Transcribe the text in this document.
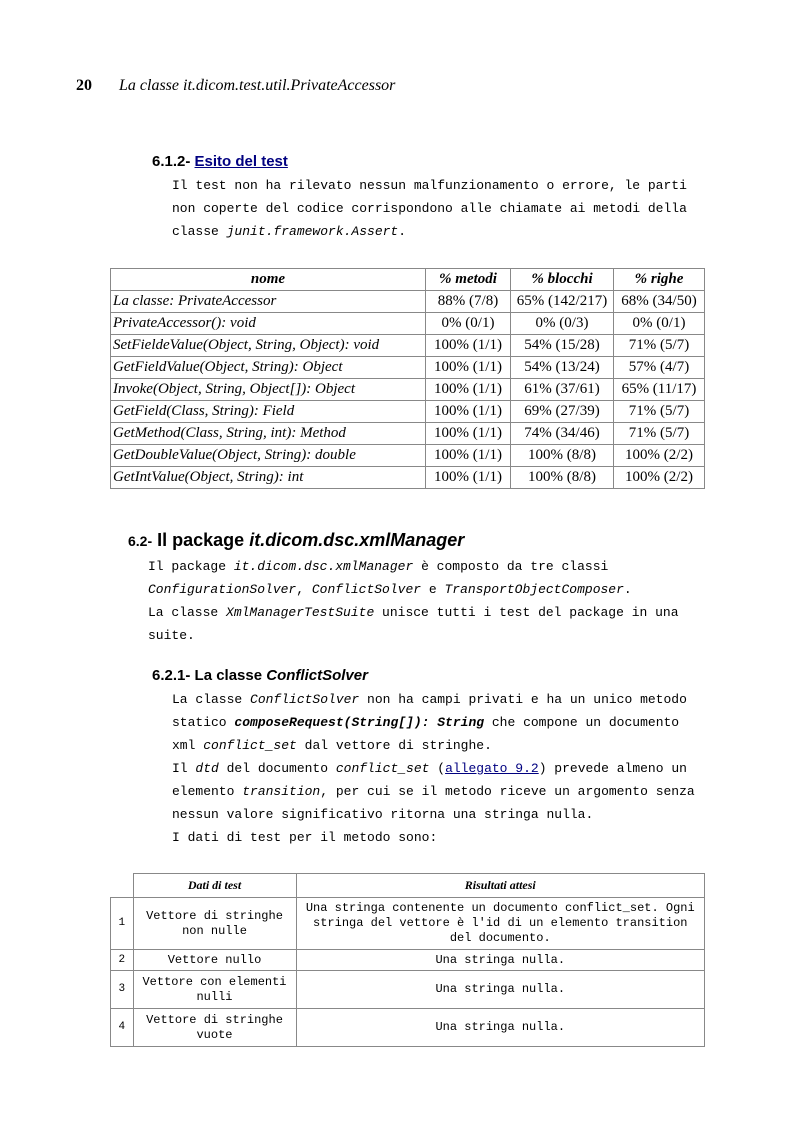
20 La classe it.dicom.test.util.PrivateAccessor
6.1.2- Esito del test
Il test non ha rilevato nessun malfunzionamento o errore, le parti
non coperte del codice corrispondono alle chiamate ai metodi della
classe junit.framework.Assert.
nome	% metodi	% blocchi	% righe
La classe: PrivateAccessor	88% (7/8)	65% (142/217)	68% (34/50)
PrivateAccessor(): void	0% (0/1)	0% (0/3)	0% (0/1)
SetFieldeValue(Object, String, Object): void	100% (1/1)	54% (15/28)	71% (5/7)
GetFieldValue(Object, String): Object	100% (1/1)	54% (13/24)	57% (4/7)
Invoke(Object, String, Object[]): Object	100% (1/1)	61% (37/61)	65% (11/17)
GetField(Class, String): Field	100% (1/1)	69% (27/39)	71% (5/7)
GetMethod(Class, String, int): Method	100% (1/1)	74% (34/46)	71% (5/7)
GetDoubleValue(Object, String): double	100% (1/1)	100% (8/8)	100% (2/2)
GetIntValue(Object, String): int	100% (1/1)	100% (8/8)	100% (2/2)
6.2- Il package it.dicom.dsc.xmlManager
Il package it.dicom.dsc.xmlManager è composto da tre classi
ConfigurationSolver, ConflictSolver e TransportObjectComposer.
La classe XmlManagerTestSuite unisce tutti i test del package in una
suite.
6.2.1- La classe ConflictSolver
La classe ConflictSolver non ha campi privati e ha un unico metodo
statico composeRequest(String[]): String che compone un documento
xml conflict_set dal vettore di stringhe.
Il dtd del documento conflict_set (allegato 9.2) prevede almeno un
elemento transition, per cui se il metodo riceve un argomento senza
nessun valore significativo ritorna una stringa nulla.
I dati di test per il metodo sono:
	Dati di test	Risultati attesi
1	Vettore di stringhe non nulle	Una stringa contenente un documento conflict_set. Ogni stringa del vettore è l'id di un elemento transition del documento.
2	Vettore nullo	Una stringa nulla.
3	Vettore con elementi nulli	Una stringa nulla.
4	Vettore di stringhe vuote	Una stringa nulla.
